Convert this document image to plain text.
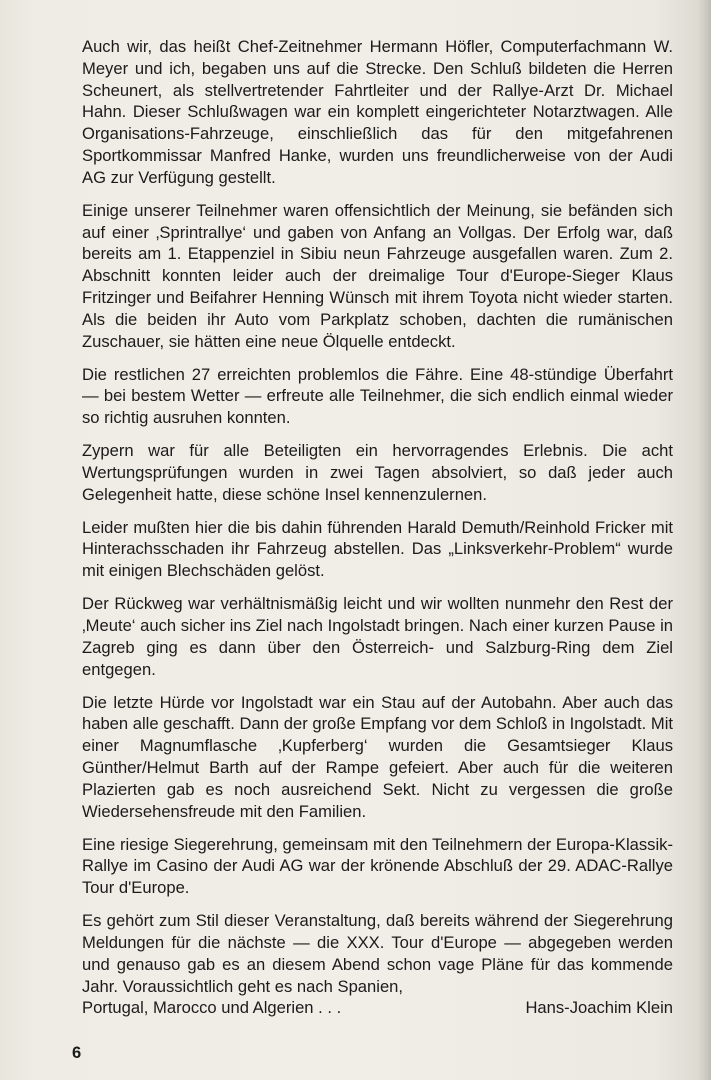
Auch wir, das heißt Chef-Zeitnehmer Hermann Höfler, Computerfachmann W. Meyer und ich, begaben uns auf die Strecke. Den Schluß bildeten die Herren Scheunert, als stellvertretender Fahrtleiter und der Rallye-Arzt Dr. Michael Hahn. Dieser Schlußwagen war ein komplett eingerichteter Notarztwagen. Alle Organisations-Fahrzeuge, einschließlich das für den mitgefahrenen Sportkommissar Manfred Hanke, wurden uns freundlicherweise von der Audi AG zur Verfügung gestellt.

Einige unserer Teilnehmer waren offensichtlich der Meinung, sie befänden sich auf einer ‚Sprintrallye‘ und gaben von Anfang an Vollgas. Der Erfolg war, daß bereits am 1. Etappenziel in Sibiu neun Fahrzeuge ausgefallen waren. Zum 2. Abschnitt konnten leider auch der dreimalige Tour d'Europe-Sieger Klaus Fritzinger und Beifahrer Henning Wünsch mit ihrem Toyota nicht wieder starten. Als die beiden ihr Auto vom Parkplatz schoben, dachten die rumänischen Zuschauer, sie hätten eine neue Ölquelle entdeckt.

Die restlichen 27 erreichten problemlos die Fähre. Eine 48-stündige Überfahrt — bei bestem Wetter — erfreute alle Teilnehmer, die sich endlich einmal wieder so richtig ausruhen konnten.

Zypern war für alle Beteiligten ein hervorragendes Erlebnis. Die acht Wertungsprüfungen wurden in zwei Tagen absolviert, so daß jeder auch Gelegenheit hatte, diese schöne Insel kennenzulernen.

Leider mußten hier die bis dahin führenden Harald Demuth/Reinhold Fricker mit Hinterachsschaden ihr Fahrzeug abstellen. Das „Linksverkehr-Problem“ wurde mit einigen Blechschäden gelöst.

Der Rückweg war verhältnismäßig leicht und wir wollten nunmehr den Rest der ‚Meute‘ auch sicher ins Ziel nach Ingolstadt bringen. Nach einer kurzen Pause in Zagreb ging es dann über den Österreich- und Salzburg-Ring dem Ziel entgegen.

Die letzte Hürde vor Ingolstadt war ein Stau auf der Autobahn. Aber auch das haben alle geschafft. Dann der große Empfang vor dem Schloß in Ingolstadt. Mit einer Magnumflasche ‚Kupferberg‘ wurden die Gesamtsieger Klaus Günther/Helmut Barth auf der Rampe gefeiert. Aber auch für die weiteren Plazierten gab es noch ausreichend Sekt. Nicht zu vergessen die große Wiedersehensfreude mit den Familien.

Eine riesige Siegerehrung, gemeinsam mit den Teilnehmern der Europa-Klassik-Rallye im Casino der Audi AG war der krönende Abschluß der 29. ADAC-Rallye Tour d'Europe.

Es gehört zum Stil dieser Veranstaltung, daß bereits während der Siegerehrung Meldungen für die nächste — die XXX. Tour d'Europe — abgegeben werden und genauso gab es an diesem Abend schon vage Pläne für das kommende Jahr. Voraussichtlich geht es nach Spanien,
Portugal, Marocco und Algerien . . .	Hans-Joachim Klein
6
